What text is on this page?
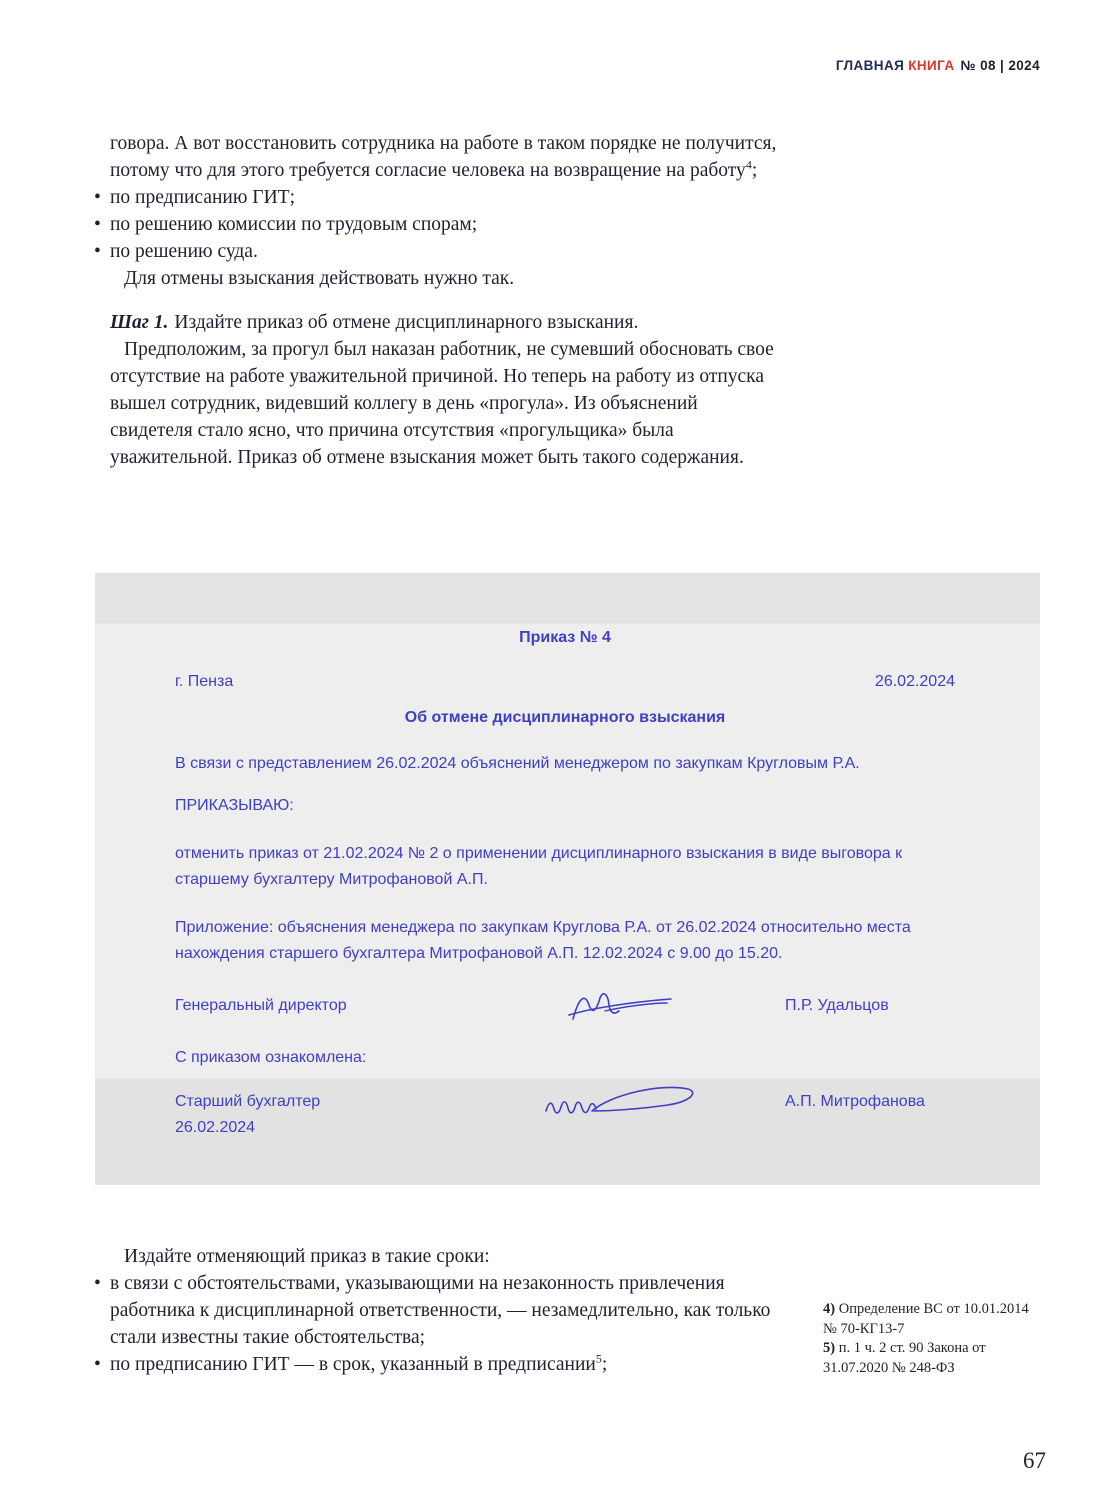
ГЛАВНАЯ КНИГА № 08 | 2024

говора. А вот восстановить сотрудника на работе в таком порядке не получится, потому что для этого требуется согласие человека на возвращение на работу$^4$;

• по предписанию ГИТ;
• по решению комиссии по трудовым спорам;
• по решению суда.

Для отмены взыскания действовать нужно так.

Шаг 1. Издайте приказ об отмене дисциплинарного взыскания.

Предположим, за прогул был наказан работник, не сумевший обосновать свое отсутствие на работе уважительной причиной. Но теперь на работу из отпуска вышел сотрудник, видевший коллегу в день «прогула». Из объяснений свидетеля стало ясно, что причина отсутствия «прогульщика» была уважительной. Приказ об отмене взыскания может быть такого содержания.

Приказ № 4
г. Пенза	26.02.2024
Об отмене дисциплинарного взыскания

В связи с представлением 26.02.2024 объяснений менеджером по закупкам Кругловым Р.А.

ПРИКАЗЫВАЮ:

отменить приказ от 21.02.2024 № 2 о применении дисциплинарного взыскания в виде выговора к старшему бухгалтеру Митрофановой А.П.

Приложение: объяснения менеджера по закупкам Круглова Р.А. от 26.02.2024 относительно места нахождения старшего бухгалтера Митрофановой А.П. 12.02.2024 с 9.00 до 15.20.

Генеральный директор	П.Р. Удальцов

С приказом ознакомлена:

Старший бухгалтер
26.02.2024
А.П. Митрофанова

Издайте отменяющий приказ в такие сроки:

• в связи с обстоятельствами, указывающими на незаконность привлечения работника к дисциплинарной ответственности, — незамедлительно, как только стали известны такие обстоятельства;
• по предписанию ГИТ — в срок, указанный в предписании$^5$;

4) Определение ВС от 10.01.2014 № 70-КГ13-7

5) п. 1 ч. 2 ст. 90 Закона от 31.07.2020 № 248-ФЗ

67
